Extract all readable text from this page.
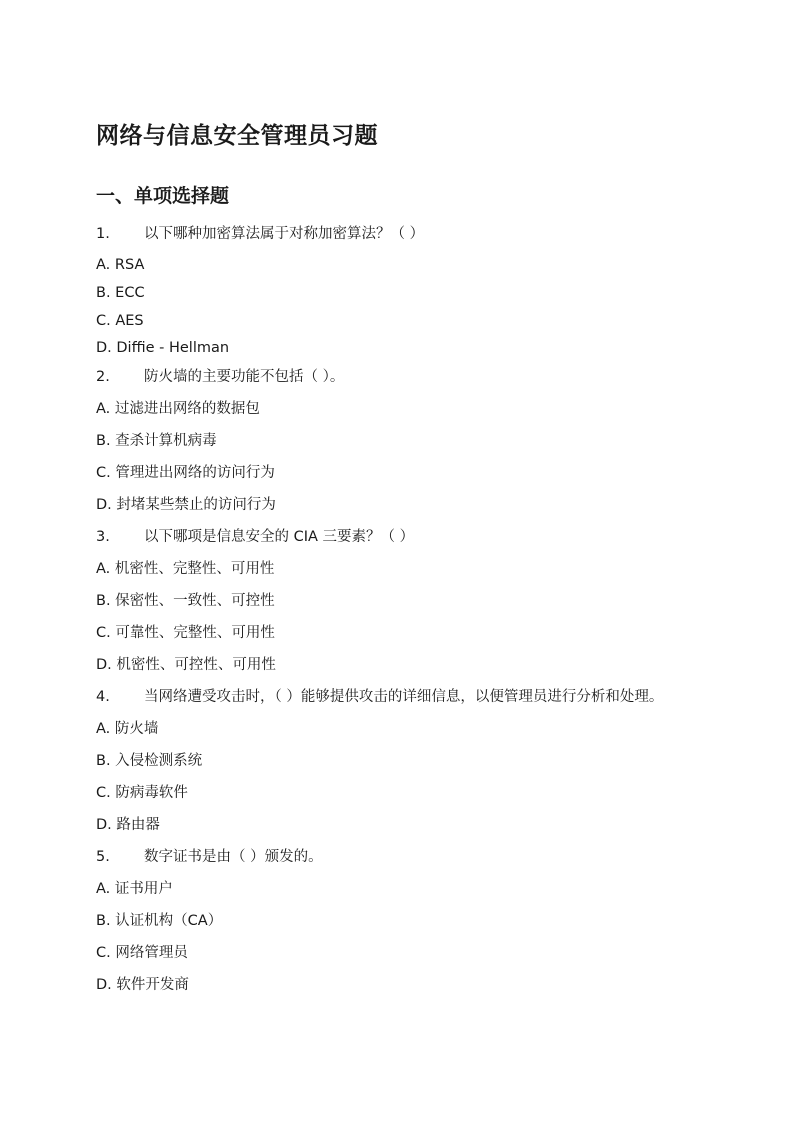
网络与信息安全管理员习题
一、单项选择题
1. 以下哪种加密算法属于对称加密算法？（ ）
A . RSA
B . ECC
C . AES
D . Diffie - Hellman
2. 防火墙的主要功能不包括（ ）。
A . 过滤进出网络的数据包
B . 查杀计算机病毒
C . 管理进出网络的访问行为
D . 封堵某些禁止的访问行为
3. 以下哪项是信息安全的 CIA 三要素？（ ）
A . 机密性、完整性、可用性
B . 保密性、一致性、可控性
C . 可靠性、完整性、可用性
D . 机密性、可控性、可用性
4. 当网络遭受攻击时，（ ）能够提供攻击的详细信息，以便管理员进行分析和处理。
A . 防火墙
B . 入侵检测系统
C . 防病毒软件
D . 路由器
5. 数字证书是由（ ）颁发的。
A . 证书用户
B . 认证机构（CA）
C . 网络管理员
D . 软件开发商
